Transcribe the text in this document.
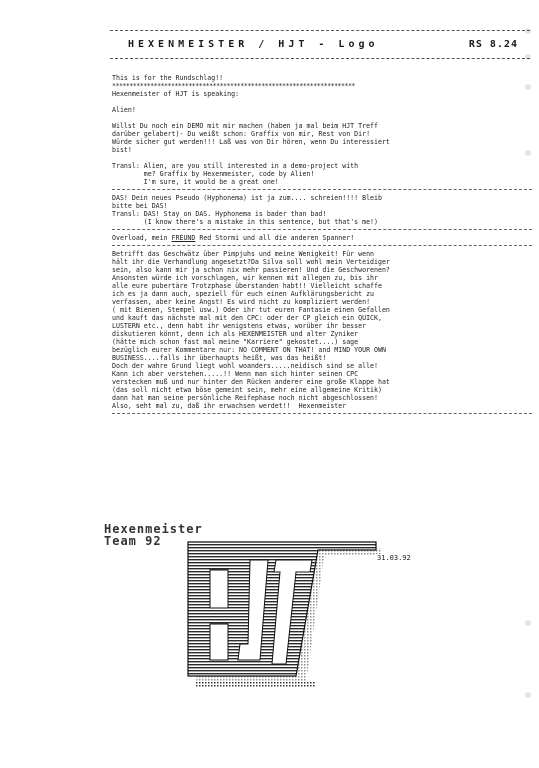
HEXENMEISTER / HJT - Logo	RS 8.24
This is for the Rundschlag!!
**********************************************************************
Hexenmeister of HJT is speaking:
Alien!
Willst Du noch ein DEMO mit mir machen (haben ja mal beim HJT Treff
darüber gelabert)- Du weißt schon: Graffix von mir, Rest von Dir!
Würde sicher gut werden!!! Laß was von Dir hören, wenn Du interessiert
bist!
Transl: Alien, are you still interested in a demo-project with
me? Graffix by Hexenmeister, code by Alien!
I'm sure, it would be a great one!
DAS! Dein neues Pseudo (Hyphonema) ist ja zum.... schreien!!!! Bleib
bitte bei DAS!
Transl: DAS! Stay on DAS. Hyphonema is bader than bad!
(I know there's a mistake in this sentence, but that's me!)
Overload, mein FREUND Red Stormi und all die anderen Spanner!
Betrifft das Geschwätz über Pimpjuhs und meine Wenigkeit! Für wenn
hält ihr die Verhandlung angesetzt?Da Silva soll wohl mein Verteidiger
sein, also kann mir ja schon nix mehr passieren! Und die Geschworenen?
Ansonsten würde ich vorschlagen, wir kennen mit allegen zu, bis ihr
alle eure pubertäre Trotzphase überstanden habt!! Vielleicht schaffe
ich es ja dann auch, speziell für euch einen Aufklärungsbericht zu
verfassen, aber keine Angst! Es wird nicht zu kompliziert werden!
( mit Bienen, Stempel usw.) Oder ihr tut euren Fantasie einen Gefallen
und kauft das nächste mal mit den CPC: oder der CP gleich ein QUICK,
LUSTERN etc., denn habt ihr wenigstens etwas, worüber ihr besser
diskutieren könnt, denn ich als HEXENMEISTER und alter Zyniker
(hätte mich schon fast mal meine "Karriere" gekostet....) sage
bezüglich eurer Kommentare nur: NO COMMENT ON THAT! and MIND YOUR OWN
BUSINESS....falls ihr überhaupts heißt, was das heißt!
Doch der wahre Grund liegt wohl woanders.....neidisch sind se alle!
Kann ich aber verstehen.....!! Wenn man sich hinter seinen CPC
verstecken muß und nur hinter den Rücken anderer eine große Klappe hat
(das soll nicht etwa böse gemeint sein, mehr eine allgemeine Kritik)
dann hat man seine persönliche Reifephase noch nicht abgeschlossen!
Also, seht mal zu, daß ihr erwachsen werdet!!  Hexenmeister
Hexenmeister
Team 92
31.03.92
